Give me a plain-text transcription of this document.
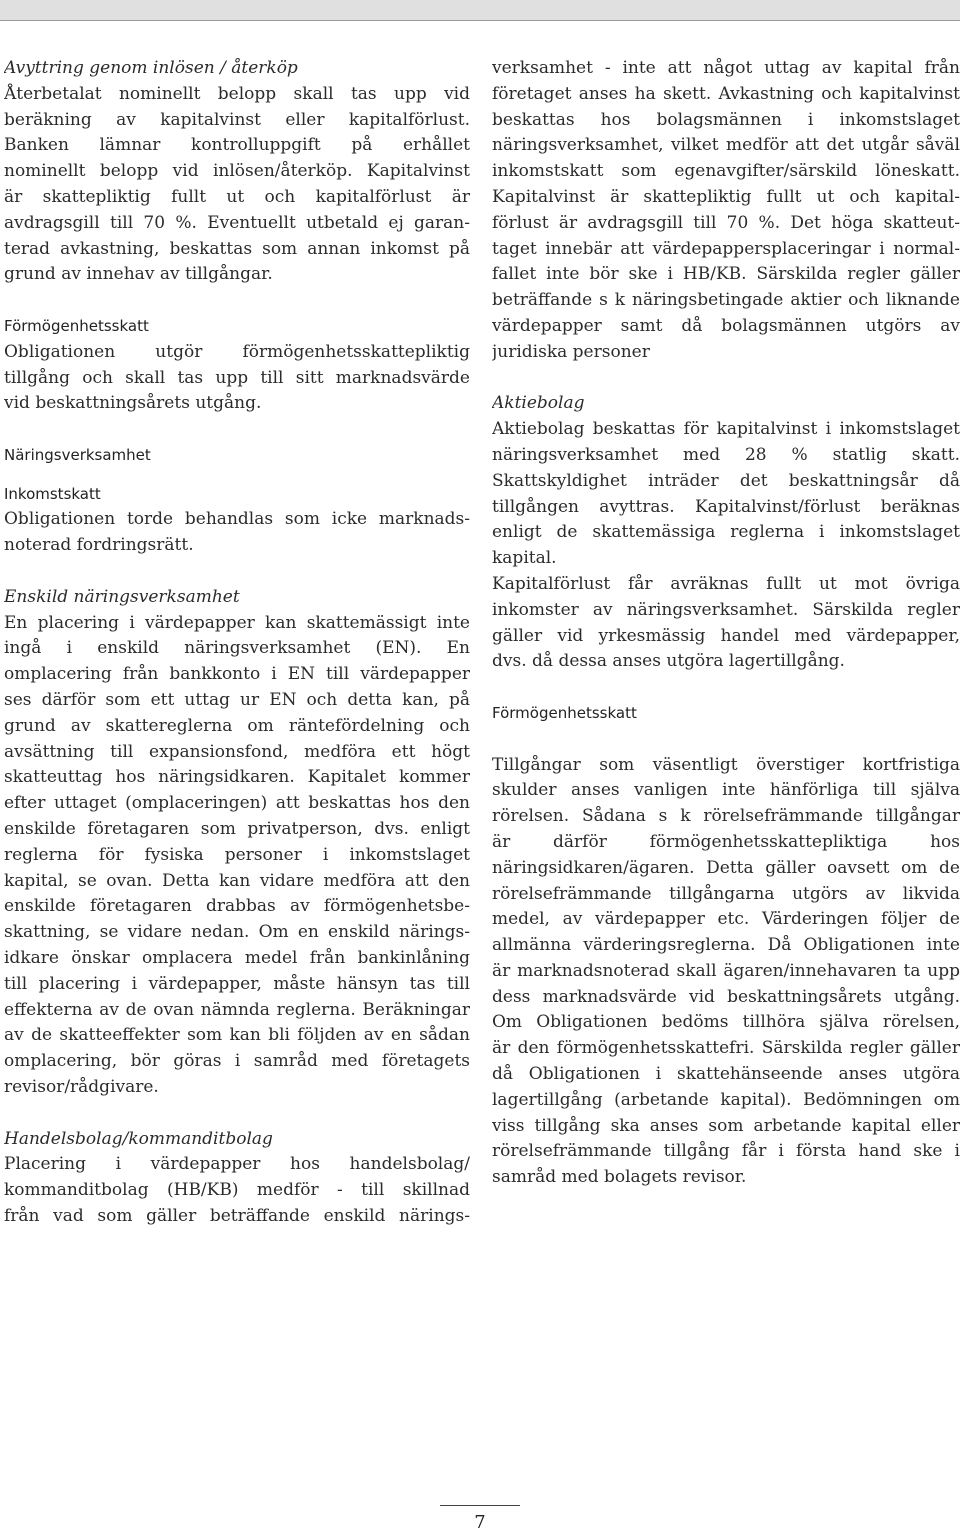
Avyttring genom inlösen / återköp
Återbetalat nominellt belopp skall tas upp vid
beräkning av kapitalvinst eller kapitalförlust.
Banken lämnar kontrolluppgift på erhållet
nominellt belopp vid inlösen/återköp. Kapitalvinst
är skattepliktig fullt ut och kapitalförlust är
avdragsgill till 70 %. Eventuellt utbetald ej garan-
terad avkastning, beskattas som annan inkomst på
grund av innehav av tillgångar.
Förmögenhetsskatt
Obligationen utgör förmögenhetsskattepliktig
tillgång och skall tas upp till sitt marknadsvärde
vid beskattningsårets utgång.
Näringsverksamhet
Inkomstskatt
Obligationen torde behandlas som icke marknads-
noterad fordringsrätt.
Enskild näringsverksamhet
En placering i värdepapper kan skattemässigt inte
ingå i enskild näringsverksamhet (EN). En
omplacering från bankkonto i EN till värdepapper
ses därför som ett uttag ur EN och detta kan, på
grund av skattereglerna om räntefördelning och
avsättning till expansionsfond, medföra ett högt
skatteuttag hos näringsidkaren. Kapitalet kommer
efter uttaget (omplaceringen) att beskattas hos den
enskilde företagaren som privatperson, dvs. enligt
reglerna för fysiska personer i inkomstslaget
kapital, se ovan. Detta kan vidare medföra att den
enskilde företagaren drabbas av förmögenhetsbe-
skattning, se vidare nedan. Om en enskild närings-
idkare önskar omplacera medel från bankinlåning
till placering i värdepapper, måste hänsyn tas till
effekterna av de ovan nämnda reglerna. Beräkningar
av de skatteeffekter som kan bli följden av en sådan
omplacering, bör göras i samråd med företagets
revisor/rådgivare.
Handelsbolag/kommanditbolag
Placering i värdepapper hos handelsbolag/
kommanditbolag (HB/KB) medför - till skillnad
från vad som gäller beträffande enskild närings-
verksamhet - inte att något uttag av kapital från
företaget anses ha skett. Avkastning och kapitalvinst
beskattas hos bolagsmännen i inkomstslaget
näringsverksamhet, vilket medför att det utgår såväl
inkomstskatt som egenavgifter/särskild löneskatt.
Kapitalvinst är skattepliktig fullt ut och kapital-
förlust är avdragsgill till 70 %. Det höga skatteut-
taget innebär att värdepappersplaceringar i normal-
fallet inte bör ske i HB/KB. Särskilda regler gäller
beträffande s k näringsbetingade aktier och liknande
värdepapper samt då bolagsmännen utgörs av
juridiska personer
Aktiebolag
Aktiebolag beskattas för kapitalvinst i inkomstslaget
näringsverksamhet med 28 % statlig skatt.
Skattskyldighet inträder det beskattningsår då
tillgången avyttras. Kapitalvinst/förlust beräknas
enligt de skattemässiga reglerna i inkomstslaget
kapital.
Kapitalförlust får avräknas fullt ut mot övriga
inkomster av näringsverksamhet. Särskilda regler
gäller vid yrkesmässig handel med värdepapper,
dvs. då dessa anses utgöra lagertillgång.
Förmögenhetsskatt
Tillgångar som väsentligt överstiger kortfristiga
skulder anses vanligen inte hänförliga till själva
rörelsen. Sådana s k rörelsefrämmande tillgångar
är därför förmögenhetsskattepliktiga hos
näringsidkaren/ägaren. Detta gäller oavsett om de
rörelsefrämmande tillgångarna utgörs av likvida
medel, av värdepapper etc. Värderingen följer de
allmänna värderingsreglerna. Då Obligationen inte
är marknadsnoterad skall ägaren/innehavaren ta upp
dess marknadsvärde vid beskattningsårets utgång.
Om Obligationen bedöms tillhöra själva rörelsen,
är den förmögenhetsskattefri. Särskilda regler gäller
då Obligationen i skattehänseende anses utgöra
lagertillgång (arbetande kapital). Bedömningen om
viss tillgång ska anses som arbetande kapital eller
rörelsefrämmande tillgång får i första hand ske i
samråd med bolagets revisor.
7
